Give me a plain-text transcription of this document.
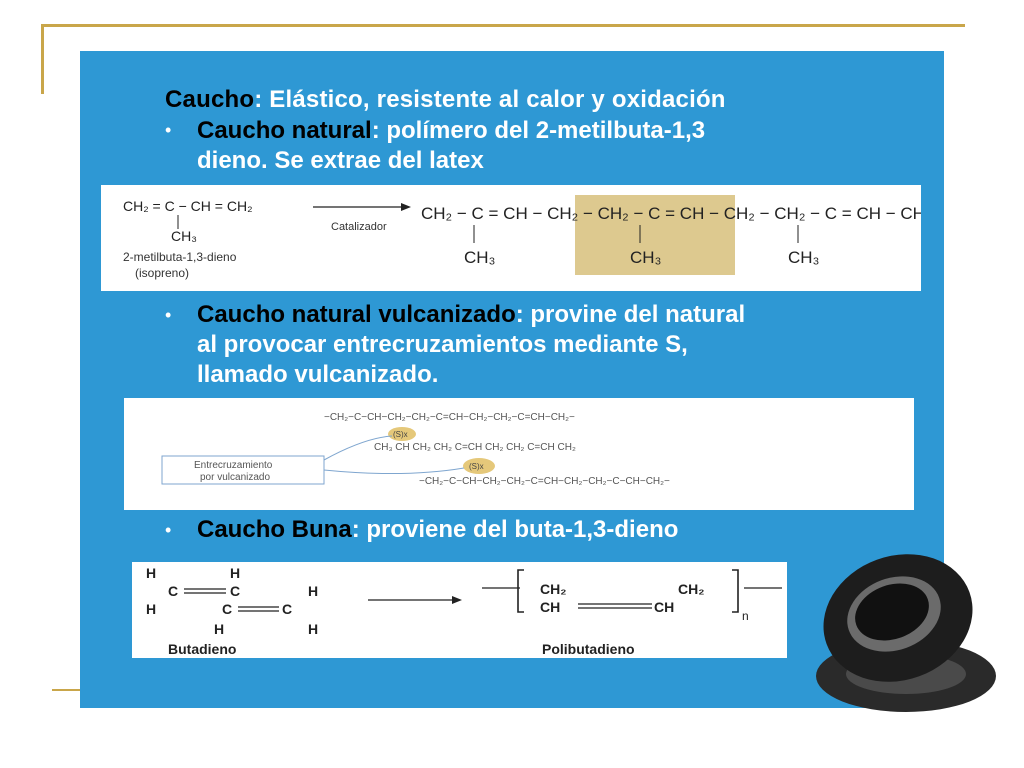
Caucho: Elástico, resistente al calor y oxidación
• Caucho natural: polímero del 2-metilbuta-1,3
dieno. Se extrae del latex
CH₂ = C − CH = CH₂
CH₃
2-metilbuta-1,3-dieno
(isopreno)
Catalizador
CH₂ − C = CH − CH₂ − CH₂ − C = CH − CH₂ − CH₂ − C = CH − CH₂···
CH₃	CH₃	CH₃
• Caucho natural vulcanizado: provine del natural
al provocar entrecruzamientos mediante S,
llamado vulcanizado.
(S)x
(S)x
−CH₂−C−CH−CH₂−CH₂−C=CH−CH₂−CH₂−C=CH−CH₂−
CH₃ CH CH₂ CH₂ C=CH CH₂ CH₂ C=CH CH₂
−CH₂−C−CH−CH₂−CH₂−C=CH−CH₂−CH₂−C−CH−CH₂−
Entrecruzamiento
por vulcanizado
• Caucho Buna: proviene del buta-1,3-dieno
H
H
C
H
C
C	C
H
H	H
Butadieno
CH₂
CH
CH₂
CH
n
Polibutadieno
